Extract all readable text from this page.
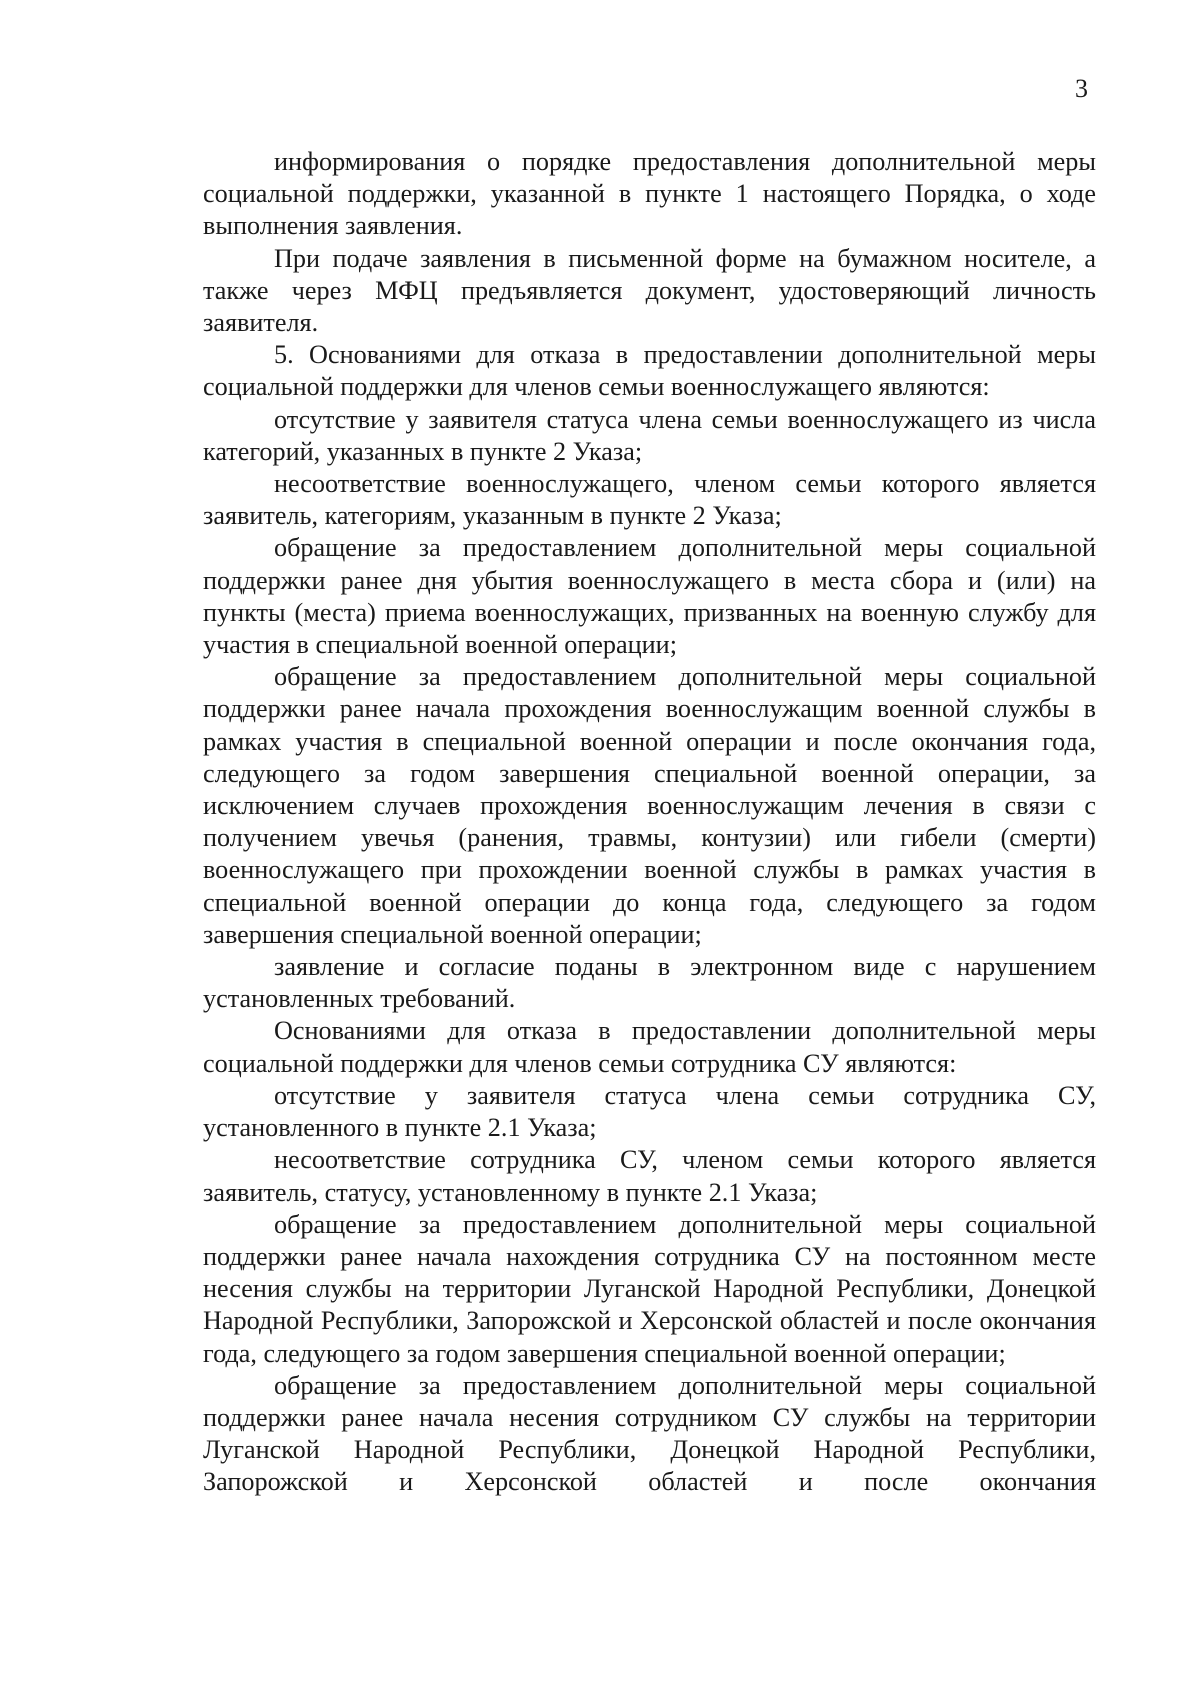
3

информирования о порядке предоставления дополнительной меры социальной поддержки, указанной в пункте 1 настоящего Порядка, о ходе выполнения заявления.

При подаче заявления в письменной форме на бумажном носителе, а также через МФЦ предъявляется документ, удостоверяющий личность заявителя.

5. Основаниями для отказа в предоставлении дополнительной меры социальной поддержки для членов семьи военнослужащего являются:

отсутствие у заявителя статуса члена семьи военнослужащего из числа категорий, указанных в пункте 2 Указа;

несоответствие военнослужащего, членом семьи которого является заявитель, категориям, указанным в пункте 2 Указа;

обращение за предоставлением дополнительной меры социальной поддержки ранее дня убытия военнослужащего в места сбора и (или) на пункты (места) приема военнослужащих, призванных на военную службу для участия в специальной военной операции;

обращение за предоставлением дополнительной меры социальной поддержки ранее начала прохождения военнослужащим военной службы в рамках участия в специальной военной операции и после окончания года, следующего за годом завершения специальной военной операции, за исключением случаев прохождения военнослужащим лечения в связи с получением увечья (ранения, травмы, контузии) или гибели (смерти) военнослужащего при прохождении военной службы в рамках участия в специальной военной операции до конца года, следующего за годом завершения специальной военной операции;

заявление и согласие поданы в электронном виде с нарушением установленных требований.

Основаниями для отказа в предоставлении дополнительной меры социальной поддержки для членов семьи сотрудника СУ являются:

отсутствие у заявителя статуса члена семьи сотрудника СУ, установленного в пункте 2.1 Указа;

несоответствие сотрудника СУ, членом семьи которого является заявитель, статусу, установленному в пункте 2.1 Указа;

обращение за предоставлением дополнительной меры социальной поддержки ранее начала нахождения сотрудника СУ на постоянном месте несения службы на территории Луганской Народной Республики, Донецкой Народной Республики, Запорожской и Херсонской областей и после окончания года, следующего за годом завершения специальной военной операции;

обращение за предоставлением дополнительной меры социальной поддержки ранее начала несения сотрудником СУ службы на территории Луганской Народной Республики, Донецкой Народной Республики, Запорожской и Херсонской областей и после окончания
